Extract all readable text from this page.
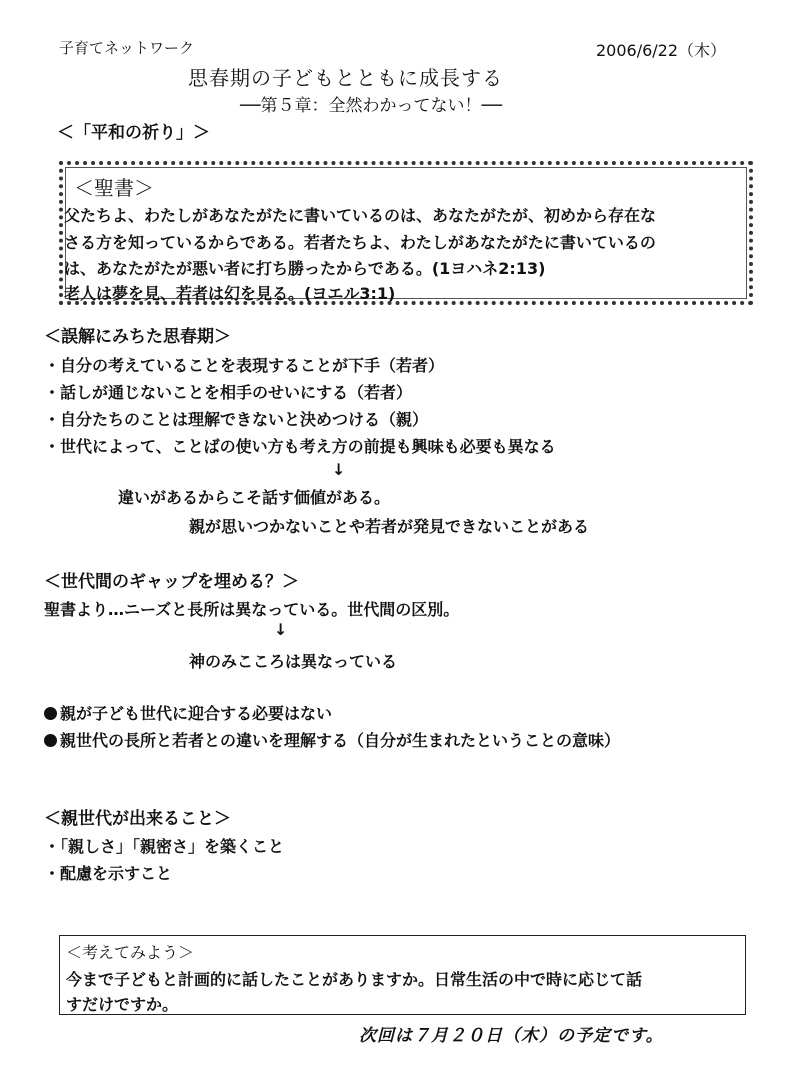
子育てネットワーク	2006/6/22（木）
思春期の子どもとともに成長する
──第５章：全然わかってない！──
＜「平和の祈り」＞
＜聖書＞
父たちよ、わたしがあなたがたに書いているのは、あなたがたが、初めから存在な
さる方を知っているからである。若者たちよ、わたしがあなたがたに書いているの
は、あなたがたが悪い者に打ち勝ったからである。(1ヨハネ2:13)
老人は夢を見、若者は幻を見る。(ヨエル3:1)
＜誤解にみちた思春期＞
・自分の考えていることを表現することが下手（若者）
・話しが通じないことを相手のせいにする（若者）
・自分たちのことは理解できないと決めつける（親）
・世代によって、ことばの使い方も考え方の前提も興味も必要も異なる
↓
違いがあるからこそ話す価値がある。
親が思いつかないことや若者が発見できないことがある
＜世代間のギャップを埋める？＞
聖書より…ニーズと長所は異なっている。世代間の区別。
↓
神のみこころは異なっている
親が子ども世代に迎合する必要はない
親世代の長所と若者との違いを理解する（自分が生まれたということの意味）
＜親世代が出来ること＞
・「親しさ」「親密さ」を築くこと
・配慮を示すこと
＜考えてみよう＞
今まで子どもと計画的に話したことがありますか。日常生活の中で時に応じて話
すだけですか。
次回は７月２０日（木）の予定です。
